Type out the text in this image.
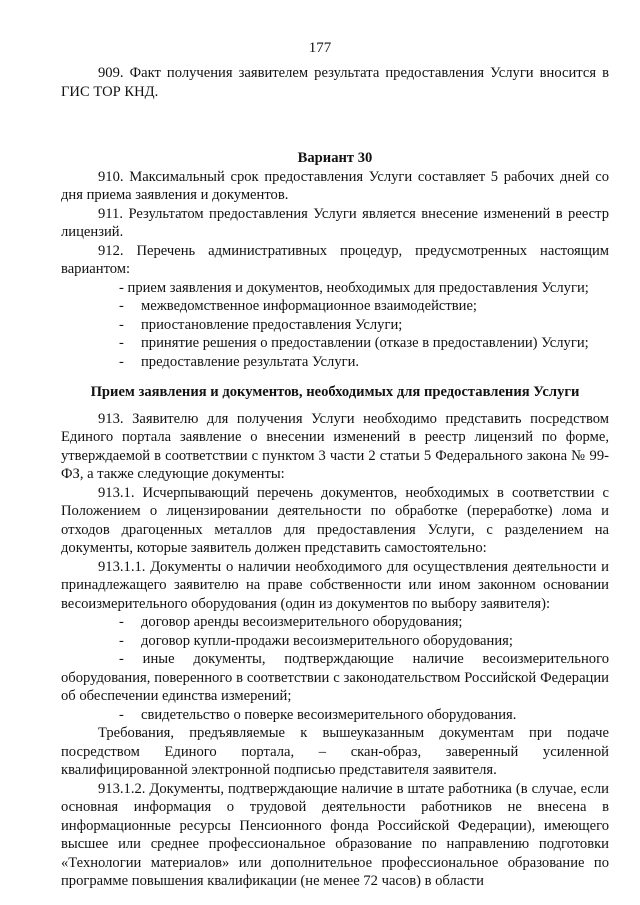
177

909. Факт получения заявителем результата предоставления Услуги вносится в ГИС ТОР КНД.

Вариант 30

910. Максимальный срок предоставления Услуги составляет 5 рабочих дней со дня приема заявления и документов.

911. Результатом предоставления Услуги является внесение изменений в реестр лицензий.

912. Перечень административных процедур, предусмотренных настоящим вариантом:

- прием заявления и документов, необходимых для предоставления Услуги;

-	межведомственное информационное взаимодействие;
-	приостановление предоставления Услуги;
-	принятие решения о предоставлении (отказе в предоставлении) Услуги;
-	предоставление результата Услуги.

Прием заявления и документов, необходимых для предоставления Услуги

913. Заявителю для получения Услуги необходимо представить посредством Единого портала заявление о внесении изменений в реестр лицензий по форме, утверждаемой в соответствии с пунктом 3 части 2 статьи 5 Федерального закона № 99-ФЗ, а также следующие документы:

913.1. Исчерпывающий перечень документов, необходимых в соответствии с Положением о лицензировании деятельности по обработке (переработке) лома и отходов драгоценных металлов для предоставления Услуги, с разделением на документы, которые заявитель должен представить самостоятельно:

913.1.1. Документы о наличии необходимого для осуществления деятельности и принадлежащего заявителю на праве собственности или ином законном основании весоизмерительного оборудования (один из документов по выбору заявителя):

-	договор аренды весоизмерительного оборудования;
-	договор купли-продажи весоизмерительного оборудования;

- иные документы, подтверждающие наличие весоизмерительного оборудования, поверенного в соответствии с законодательством Российской Федерации об обеспечении единства измерений;

-	свидетельство о поверке весоизмерительного оборудования.

Требования, предъявляемые к вышеуказанным документам при подаче посредством Единого портала, – скан-образ, заверенный усиленной квалифицированной электронной подписью представителя заявителя.

913.1.2. Документы, подтверждающие наличие в штате работника (в случае, если основная информация о трудовой деятельности работников не внесена в информационные ресурсы Пенсионного фонда Российской Федерации), имеющего высшее или среднее профессиональное образование по направлению подготовки «Технологии материалов» или дополнительное профессиональное образование по программе повышения квалификации (не менее 72 часов) в области
